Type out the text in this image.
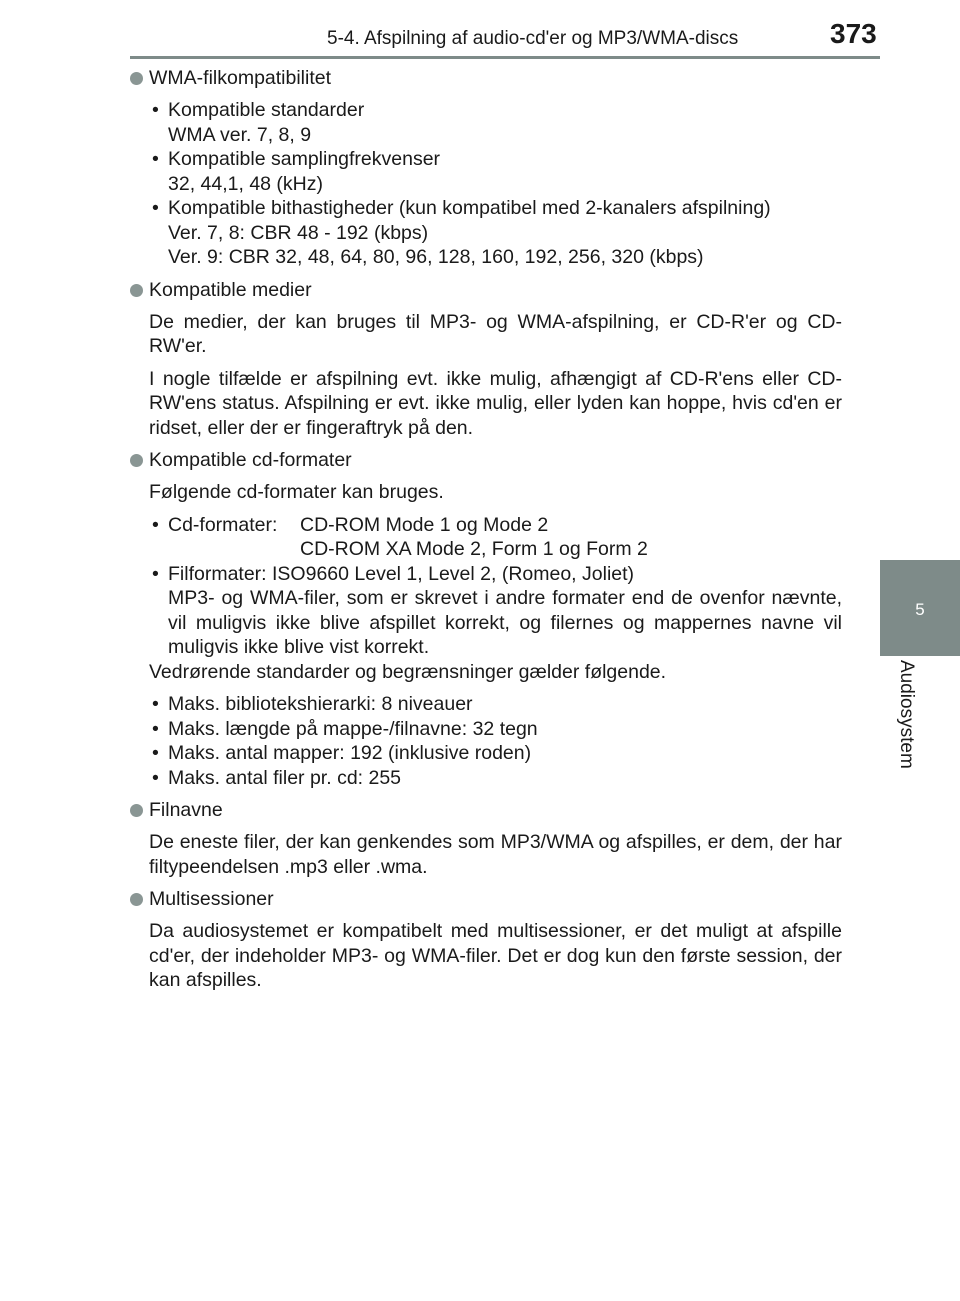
5-4. Afspilning af audio-cd'er og MP3/WMA-discs	373
5
Audiosystem
WMA-filkompatibilitet
• Kompatible standarder
WMA ver. 7, 8, 9
• Kompatible samplingfrekvenser
32, 44,1, 48 (kHz)
• Kompatible bithastigheder (kun kompatibel med 2-kanalers afspilning)
Ver. 7, 8: CBR 48 - 192 (kbps)
Ver. 9: CBR 32, 48, 64, 80, 96, 128, 160, 192, 256, 320 (kbps)
Kompatible medier

De medier, der kan bruges til MP3- og WMA-afspilning, er CD-R'er og CD-RW'er.

I nogle tilfælde er afspilning evt. ikke mulig, afhængigt af CD-R'ens eller CD-RW'ens status. Afspilning er evt. ikke mulig, eller lyden kan hoppe, hvis cd'en er ridset, eller der er fingeraftryk på den.

Kompatible cd-formater

Følgende cd-formater kan bruges.

• Cd-formater:	CD-ROM Mode 1 og Mode 2
CD-ROM XA Mode 2, Form 1 og Form 2
• Filformater: ISO9660 Level 1, Level 2, (Romeo, Joliet)
MP3- og WMA-filer, som er skrevet i andre formater end de ovenfor nævnte, vil muligvis ikke blive afspillet korrekt, og filernes og mappernes navne vil muligvis ikke blive vist korrekt.

Vedrørende standarder og begrænsninger gælder følgende.

• Maks. bibliotekshierarki: 8 niveauer
• Maks. længde på mappe-/filnavne: 32 tegn
• Maks. antal mapper: 192 (inklusive roden)
• Maks. antal filer pr. cd: 255
Filnavne

De eneste filer, der kan genkendes som MP3/WMA og afspilles, er dem, der har filtypeendelsen .mp3 eller .wma.

Multisessioner

Da audiosystemet er kompatibelt med multisessioner, er det muligt at afspille cd'er, der indeholder MP3- og WMA-filer. Det er dog kun den første session, der kan afspilles.
